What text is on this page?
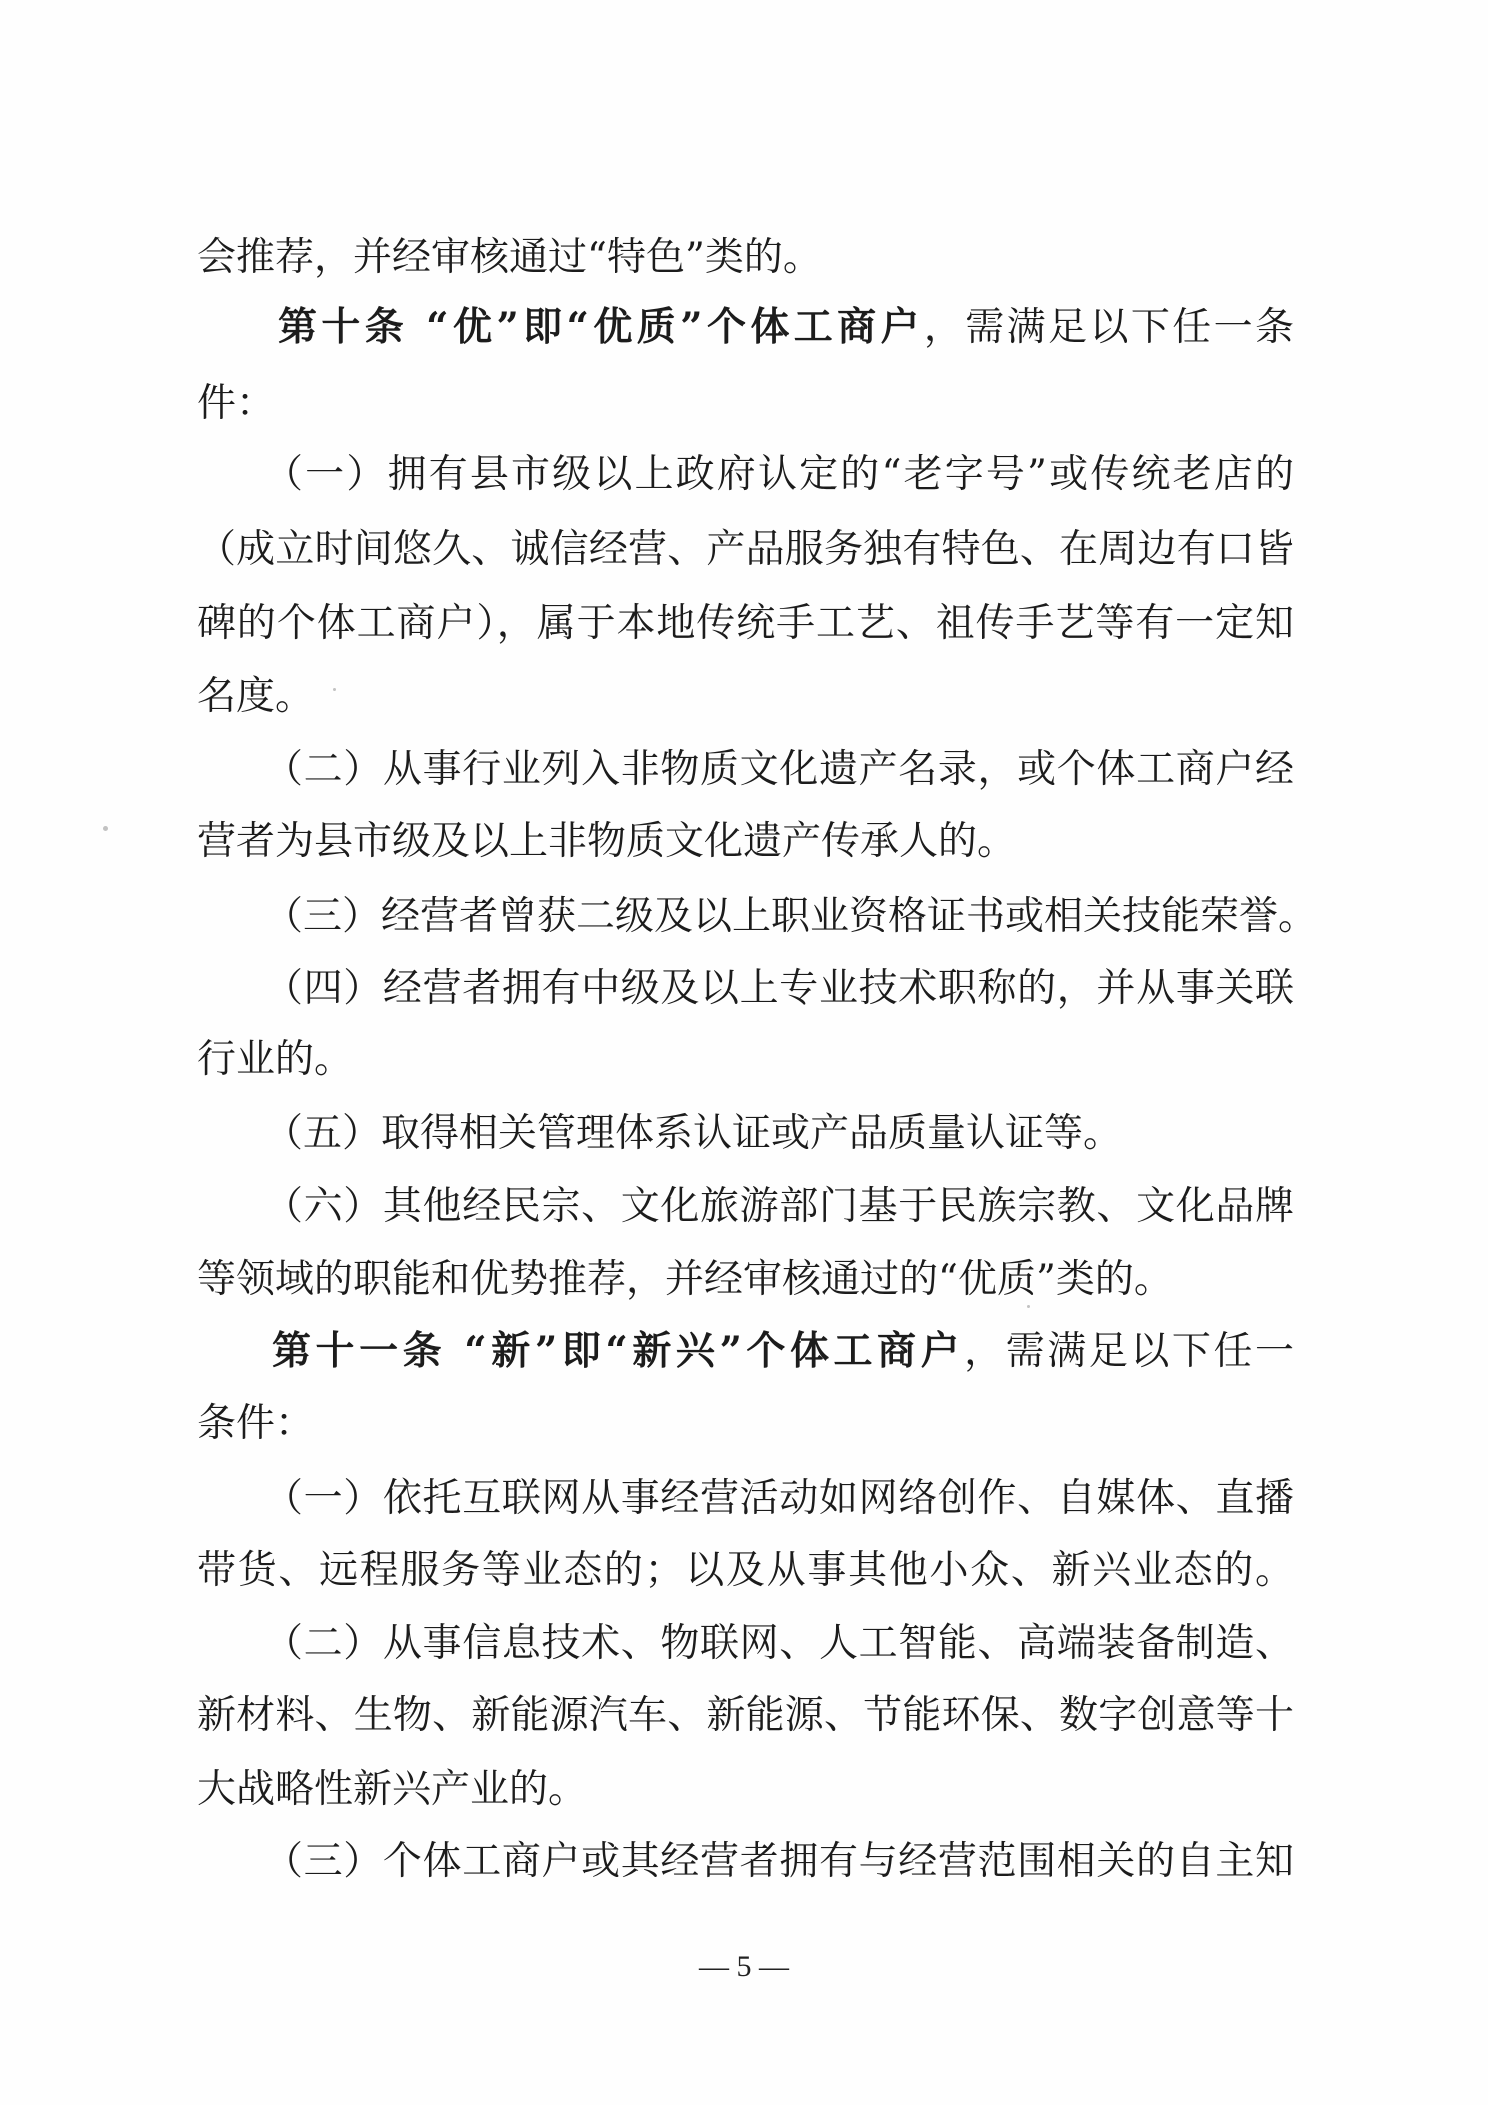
会推荐，并经审核通过“特色”类的。
第十条 “优”即“优质”个体工商户，需满足以下任一条
件：
（一）拥有县市级以上政府认定的“老字号”或传统老店的
（成立时间悠久、诚信经营、产品服务独有特色、在周边有口皆
碑的个体工商户），属于本地传统手工艺、祖传手艺等有一定知
名度。
（二）从事行业列入非物质文化遗产名录，或个体工商户经
营者为县市级及以上非物质文化遗产传承人的。
（三）经营者曾获二级及以上职业资格证书或相关技能荣誉。
（四）经营者拥有中级及以上专业技术职称的，并从事关联
行业的。
（五）取得相关管理体系认证或产品质量认证等。
（六）其他经民宗、文化旅游部门基于民族宗教、文化品牌
等领域的职能和优势推荐，并经审核通过的“优质”类的。
第十一条 “新”即“新兴”个体工商户，需满足以下任一
条件：
（一）依托互联网从事经营活动如网络创作、自媒体、直播
带货、远程服务等业态的；以及从事其他小众、新兴业态的。
（二）从事信息技术、物联网、人工智能、高端装备制造、
新材料、生物、新能源汽车、新能源、节能环保、数字创意等十
大战略性新兴产业的。
（三）个体工商户或其经营者拥有与经营范围相关的自主知
— 5 —
